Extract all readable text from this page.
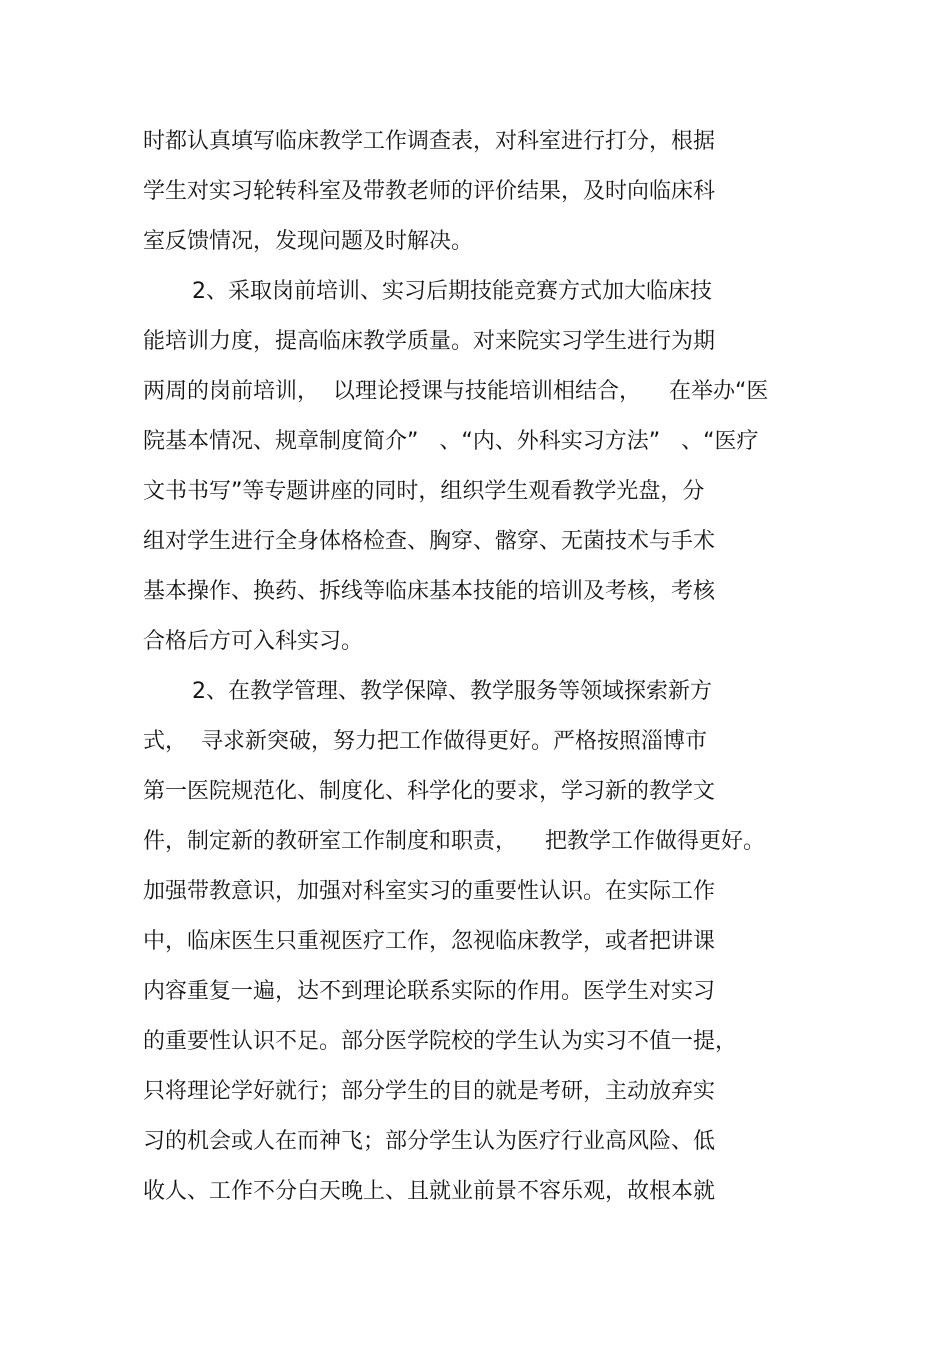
时都认真填写临床教学工作调查表，对科室进行打分，根据
学生对实习轮转科室及带教老师的评价结果，及时向临床科
室反馈情况，发现问题及时解决。
2、采取岗前培训、实习后期技能竞赛方式加大临床技
能培训力度，提高临床教学质量。对来院实习学生进行为期
两周的岗前培训，  以理论授课与技能培训相结合，    在举办“医
院基本情况、规章制度简介”   、“内、外科实习方法”   、“医疗
文书书写”等专题讲座的同时，组织学生观看教学光盘，分
组对学生进行全身体格检查、胸穿、髂穿、无菌技术与手术
基本操作、换药、拆线等临床基本技能的培训及考核，考核
合格后方可入科实习。
2、在教学管理、教学保障、教学服务等领域探索新方
式，  寻求新突破，努力把工作做得更好。严格按照淄博市
第一医院规范化、制度化、科学化的要求，学习新的教学文
件，制定新的教研室工作制度和职责，    把教学工作做得更好。
加强带教意识，加强对科室实习的重要性认识。在实际工作
中，临床医生只重视医疗工作，忽视临床教学，或者把讲课
内容重复一遍，达不到理论联系实际的作用。医学生对实习
的重要性认识不足。部分医学院校的学生认为实习不值一提，
只将理论学好就行；部分学生的目的就是考研，主动放弃实
习的机会或人在而神飞；部分学生认为医疗行业高风险、低
收人、工作不分白天晚上、且就业前景不容乐观，故根本就
